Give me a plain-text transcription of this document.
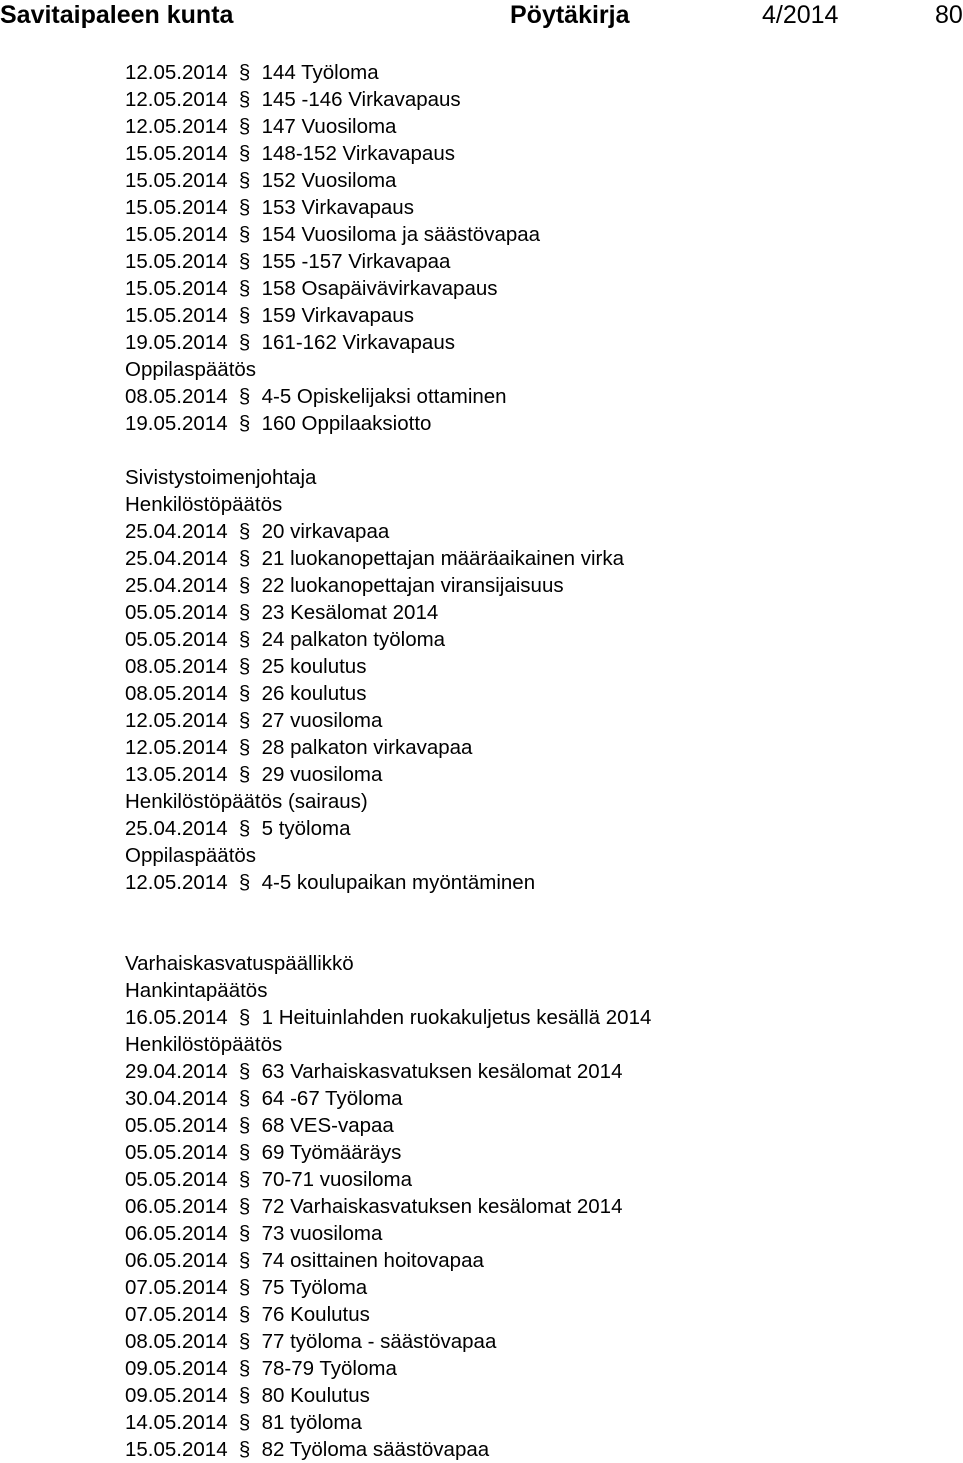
Savitaipaleen kunta	Pöytäkirja	4/2014	80
12.05.2014 § 144 Työloma
12.05.2014 § 145 -146 Virkavapaus
12.05.2014 § 147 Vuosiloma
15.05.2014 § 148-152 Virkavapaus
15.05.2014 § 152 Vuosiloma
15.05.2014 § 153 Virkavapaus
15.05.2014 § 154 Vuosiloma ja säästövapaa
15.05.2014 § 155 -157 Virkavapaa
15.05.2014 § 158 Osapäivävirkavapaus
15.05.2014 § 159 Virkavapaus
19.05.2014 § 161-162 Virkavapaus
Oppilaspäätös
08.05.2014 § 4-5 Opiskelijaksi ottaminen
19.05.2014 § 160 Oppilaaksiotto
Sivistystoimenjohtaja
Henkilöstöpäätös
25.04.2014 § 20 virkavapaa
25.04.2014 § 21 luokanopettajan määräaikainen virka
25.04.2014 § 22 luokanopettajan viransijaisuus
05.05.2014 § 23 Kesälomat 2014
05.05.2014 § 24 palkaton työloma
08.05.2014 § 25 koulutus
08.05.2014 § 26 koulutus
12.05.2014 § 27 vuosiloma
12.05.2014 § 28 palkaton virkavapaa
13.05.2014 § 29 vuosiloma
Henkilöstöpäätös (sairaus)
25.04.2014 § 5 työloma
Oppilaspäätös
12.05.2014 § 4-5 koulupaikan myöntäminen
Varhaiskasvatuspäällikkö
Hankintapäätös
16.05.2014 § 1 Heituinlahden ruokakuljetus kesällä 2014
Henkilöstöpäätös
29.04.2014 § 63 Varhaiskasvatuksen kesälomat 2014
30.04.2014 § 64 -67 Työloma
05.05.2014 § 68 VES-vapaa
05.05.2014 § 69 Työmääräys
05.05.2014 § 70-71 vuosiloma
06.05.2014 § 72 Varhaiskasvatuksen kesälomat 2014
06.05.2014 § 73 vuosiloma
06.05.2014 § 74 osittainen hoitovapaa
07.05.2014 § 75 Työloma
07.05.2014 § 76 Koulutus
08.05.2014 § 77 työloma - säästövapaa
09.05.2014 § 78-79 Työloma
09.05.2014 § 80 Koulutus
14.05.2014 § 81 työloma
15.05.2014 § 82 Työloma säästövapaa
